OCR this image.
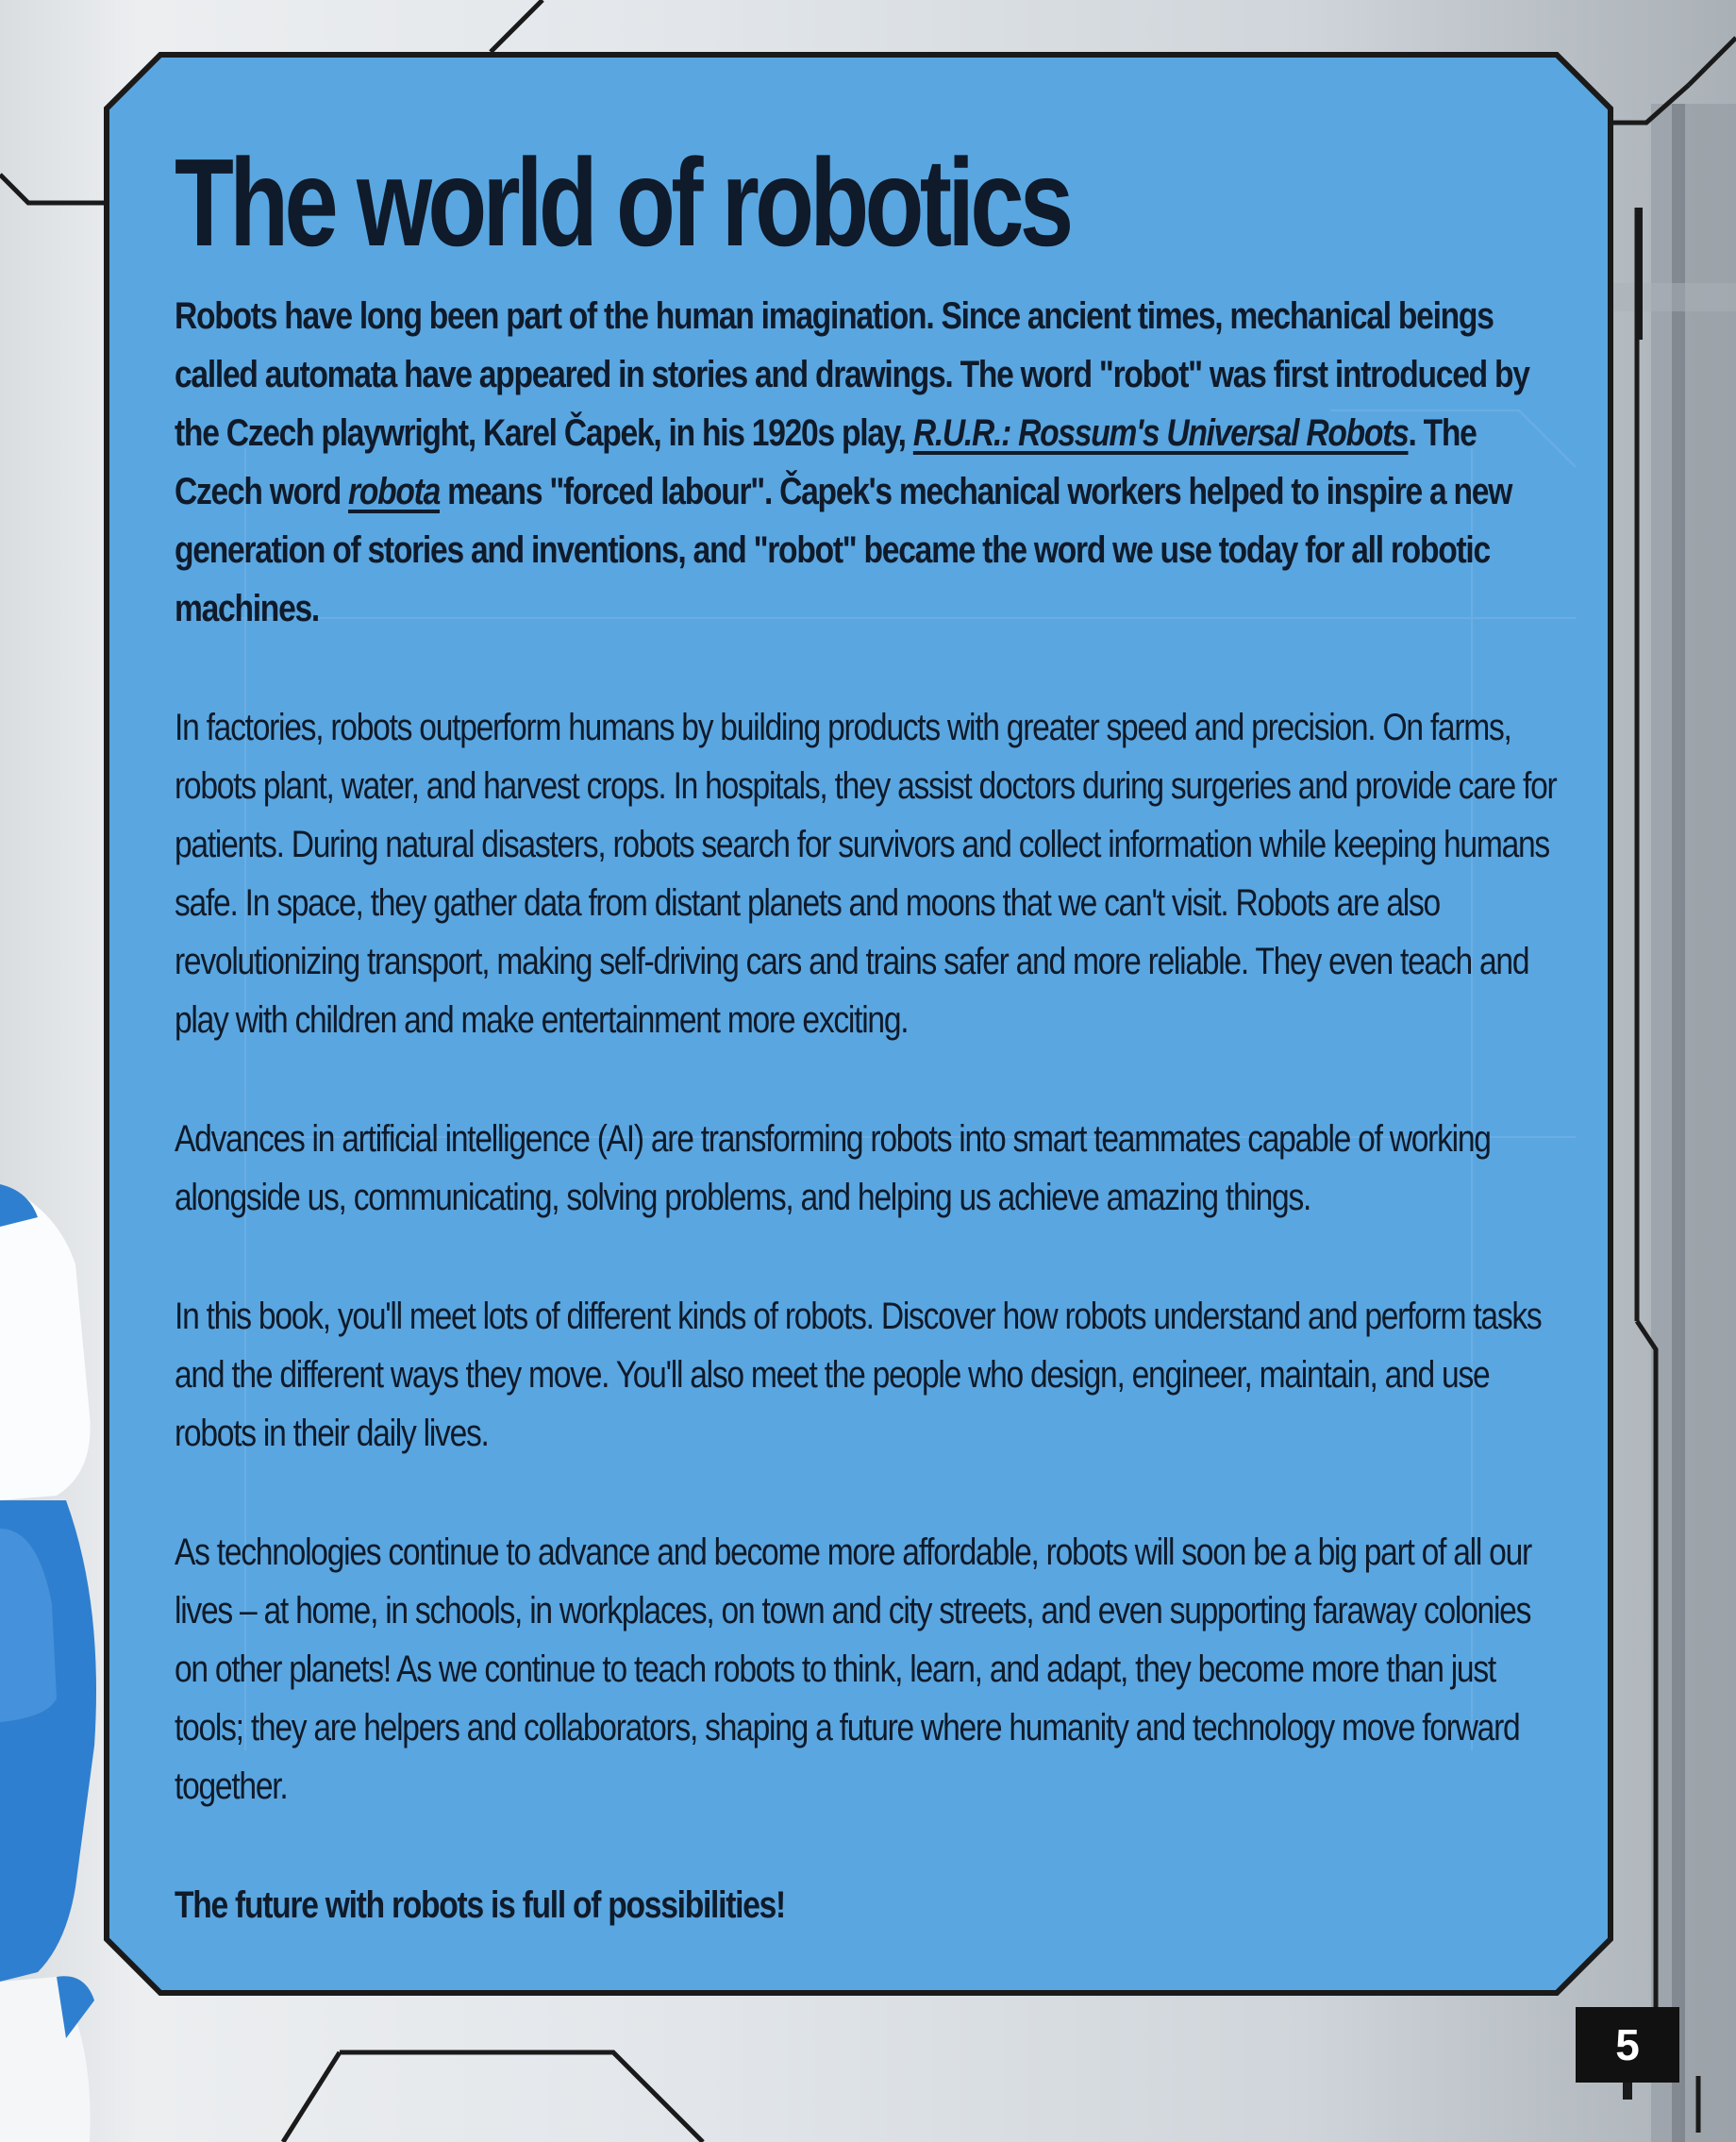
The world of robotics

Robots have long been part of the human imagination. Since ancient times, mechanical beings called automata have appeared in stories and drawings. The word "robot" was first introduced by the Czech playwright, Karel Čapek, in his 1920s play, R.U.R.: Rossum's Universal Robots. The Czech word robota means "forced labour". Čapek's mechanical workers helped to inspire a new generation of stories and inventions, and "robot" became the word we use today for all robotic machines.

In factories, robots outperform humans by building products with greater speed and precision. On farms, robots plant, water, and harvest crops. In hospitals, they assist doctors during surgeries and provide care for patients. During natural disasters, robots search for survivors and collect information while keeping humans safe. In space, they gather data from distant planets and moons that we can't visit. Robots are also revolutionizing transport, making self-driving cars and trains safer and more reliable. They even teach and play with children and make entertainment more exciting.

Advances in artificial intelligence (AI) are transforming robots into smart teammates capable of working alongside us, communicating, solving problems, and helping us achieve amazing things.

In this book, you'll meet lots of different kinds of robots. Discover how robots understand and perform tasks and the different ways they move. You'll also meet the people who design, engineer, maintain, and use robots in their daily lives.

As technologies continue to advance and become more affordable, robots will soon be a big part of all our lives – at home, in schools, in workplaces, on town and city streets, and even supporting faraway colonies on other planets! As we continue to teach robots to think, learn, and adapt, they become more than just tools; they are helpers and collaborators, shaping a future where humanity and technology move forward together.

The future with robots is full of possibilities!

5
